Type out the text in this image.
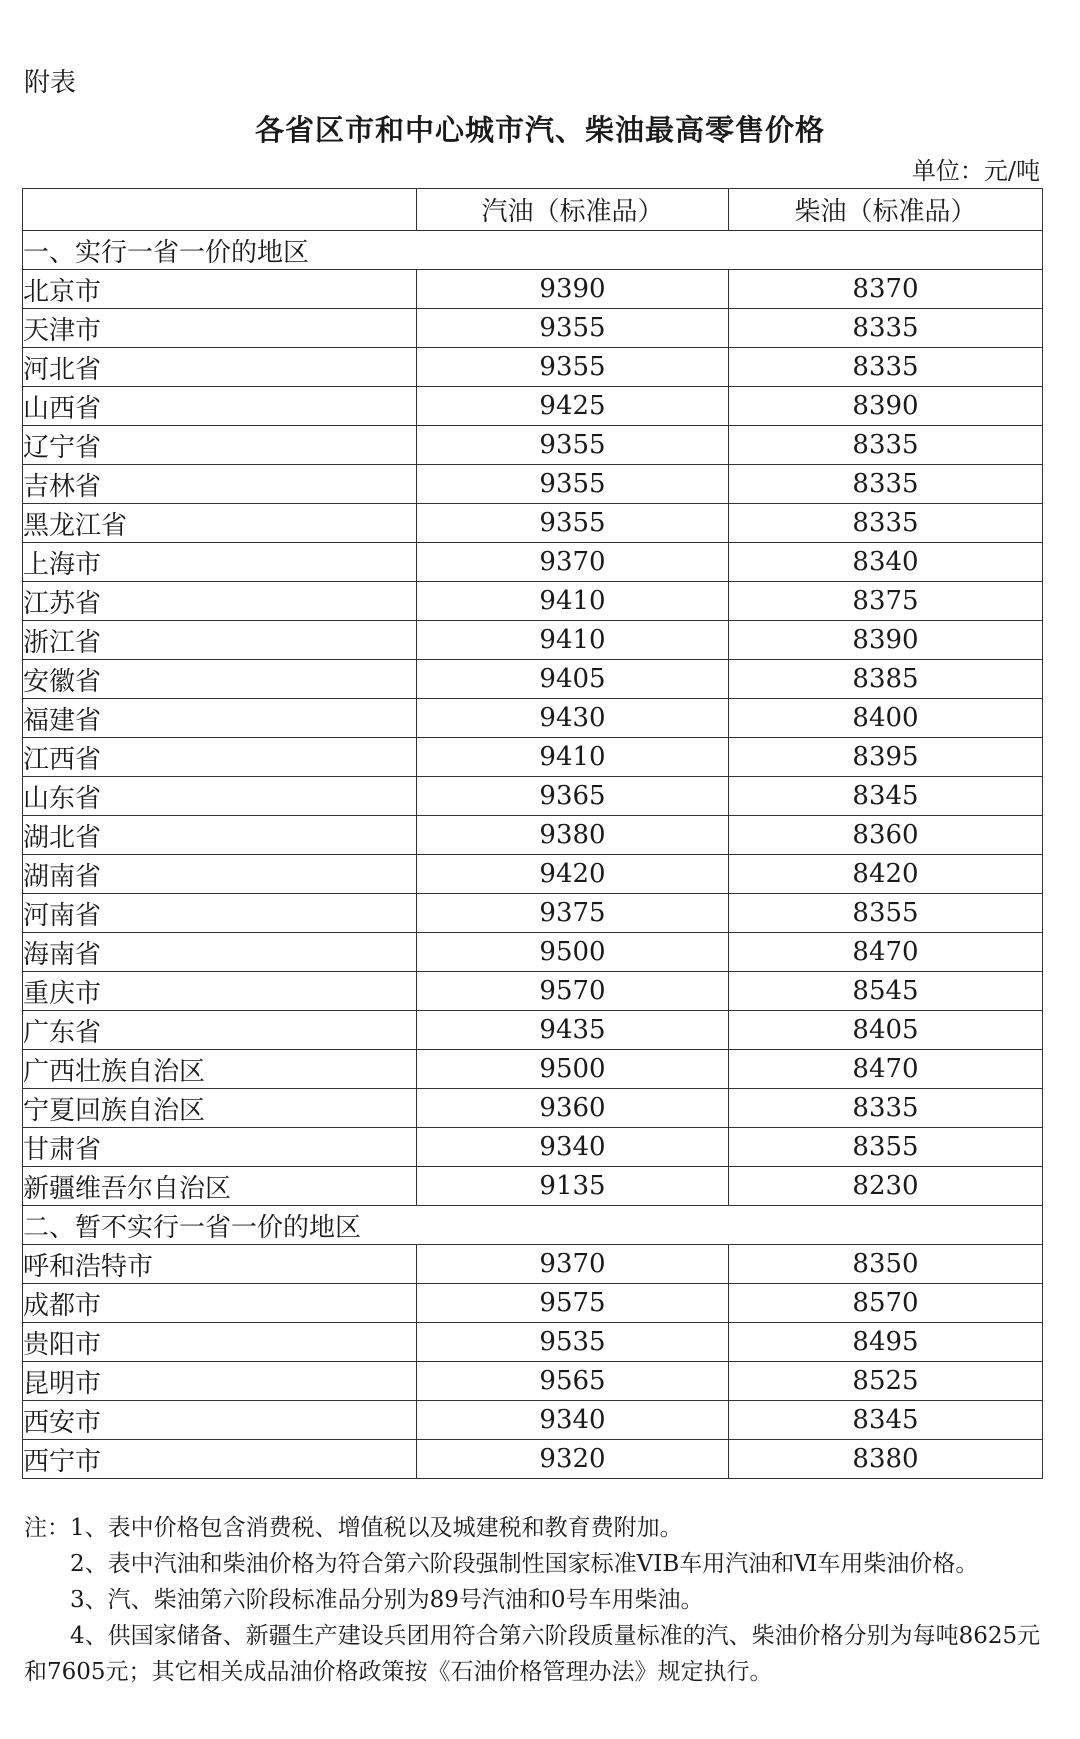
附表
各省区市和中心城市汽、柴油最高零售价格
单位：元/吨
	汽油（标准品）	柴油（标准品）
一、实行一省一价的地区		
北京市	9390	8370
天津市	9355	8335
河北省	9355	8335
山西省	9425	8390
辽宁省	9355	8335
吉林省	9355	8335
黑龙江省	9355	8335
上海市	9370	8340
江苏省	9410	8375
浙江省	9410	8390
安徽省	9405	8385
福建省	9430	8400
江西省	9410	8395
山东省	9365	8345
湖北省	9380	8360
湖南省	9420	8420
河南省	9375	8355
海南省	9500	8470
重庆市	9570	8545
广东省	9435	8405
广西壮族自治区	9500	8470
宁夏回族自治区	9360	8335
甘肃省	9340	8355
新疆维吾尔自治区	9135	8230
二、暂不实行一省一价的地区		
呼和浩特市	9370	8350
成都市	9575	8570
贵阳市	9535	8495
昆明市	9565	8525
西安市	9340	8345
西宁市	9320	8380

注：1、表中价格包含消费税、增值税以及城建税和教育费附加。

2、表中汽油和柴油价格为符合第六阶段强制性国家标准VIB车用汽油和Ⅵ车用柴油价格。

3、汽、柴油第六阶段标准品分别为89号汽油和0号车用柴油。

4、供国家储备、新疆生产建设兵团用符合第六阶段质量标准的汽、柴油价格分别为每吨8625元和7605元；其它相关成品油价格政策按《石油价格管理办法》规定执行。
